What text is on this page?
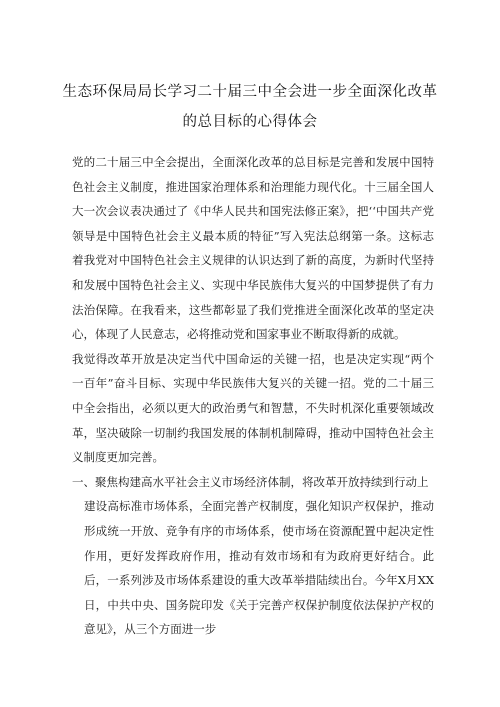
生态环保局局长学习二十届三中全会进一步全面深化改革
的总目标的心得体会

党的二十届三中全会提出，全面深化改革的总目标是完善和发展中国特色社会主义制度，推进国家治理体系和治理能力现代化。十三届全国人大一次会议表决通过了《中华人民共和国宪法修正案》，把‘‘中国共产党领导是中国特色社会主义最本质的特征”写入宪法总纲第一条。这标志着我党对中国特色社会主义规律的认识达到了新的高度，为新时代坚持和发展中国特色社会主义、实现中华民族伟大复兴的中国梦提供了有力法治保障。在我看来，这些都彰显了我们党推进全面深化改革的坚定决心，体现了人民意志，必将推动党和国家事业不断取得新的成就。

我觉得改革开放是决定当代中国命运的关键一招，也是决定实现“两个一百年”奋斗目标、实现中华民族伟大复兴的关键一招。党的二十届三中全会指出，必须以更大的政治勇气和智慧，不失时机深化重要领域改革，坚决破除一切制约我国发展的体制机制障碍，推动中国特色社会主义制度更加完善。

一、聚焦构建高水平社会主义市场经济体制，将改革开放持续到行动上

建设高标准市场体系，全面完善产权制度，强化知识产权保护，推动形成统一开放、竞争有序的市场体系，使市场在资源配置中起决定性作用，更好发挥政府作用，推动有效市场和有为政府更好结合。此后，一系列涉及市场体系建设的重大改革举措陆续出台。今年X月XX日，中共中央、国务院印发《关于完善产权保护制度依法保护产权的意见》，从三个方面进一步
